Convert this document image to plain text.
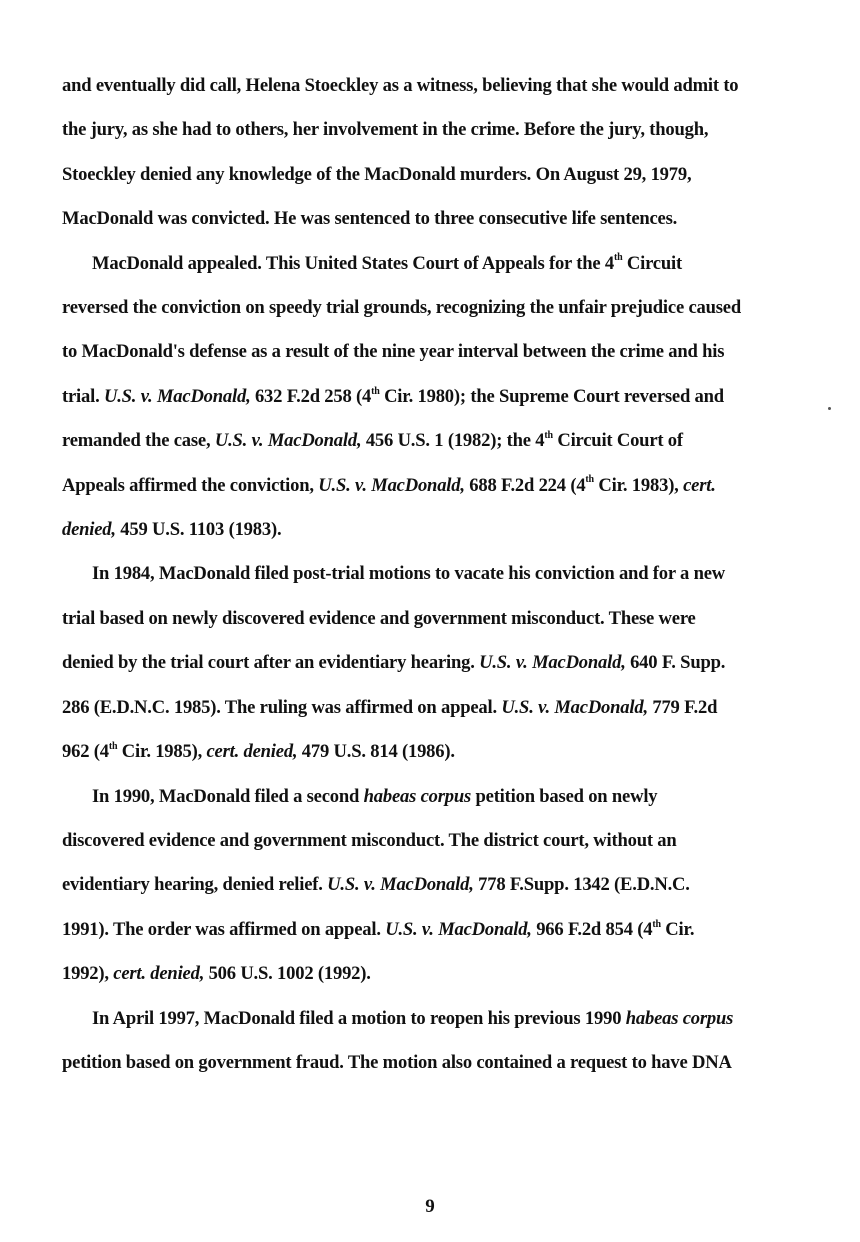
and eventually did call, Helena Stoeckley as a witness, believing that she would admit to
the jury, as she had to others, her involvement in the crime. Before the jury, though,
Stoeckley denied any knowledge of the MacDonald murders. On August 29, 1979,
MacDonald was convicted. He was sentenced to three consecutive life sentences.
MacDonald appealed. This United States Court of Appeals for the 4th Circuit
reversed the conviction on speedy trial grounds, recognizing the unfair prejudice caused
to MacDonald's defense as a result of the nine year interval between the crime and his
trial. U.S. v. MacDonald, 632 F.2d 258 (4th Cir. 1980); the Supreme Court reversed and
remanded the case, U.S. v. MacDonald, 456 U.S. 1 (1982); the 4th Circuit Court of
Appeals affirmed the conviction, U.S. v. MacDonald, 688 F.2d 224 (4th Cir. 1983), cert.
denied, 459 U.S. 1103 (1983).
In 1984, MacDonald filed post-trial motions to vacate his conviction and for a new
trial based on newly discovered evidence and government misconduct. These were
denied by the trial court after an evidentiary hearing. U.S. v. MacDonald, 640 F. Supp.
286 (E.D.N.C. 1985). The ruling was affirmed on appeal. U.S. v. MacDonald, 779 F.2d
962 (4th Cir. 1985), cert. denied, 479 U.S. 814 (1986).
In 1990, MacDonald filed a second habeas corpus petition based on newly
discovered evidence and government misconduct. The district court, without an
evidentiary hearing, denied relief. U.S. v. MacDonald, 778 F.Supp. 1342 (E.D.N.C.
1991). The order was affirmed on appeal. U.S. v. MacDonald, 966 F.2d 854 (4th Cir.
1992), cert. denied, 506 U.S. 1002 (1992).
In April 1997, MacDonald filed a motion to reopen his previous 1990 habeas corpus
petition based on government fraud. The motion also contained a request to have DNA
9
